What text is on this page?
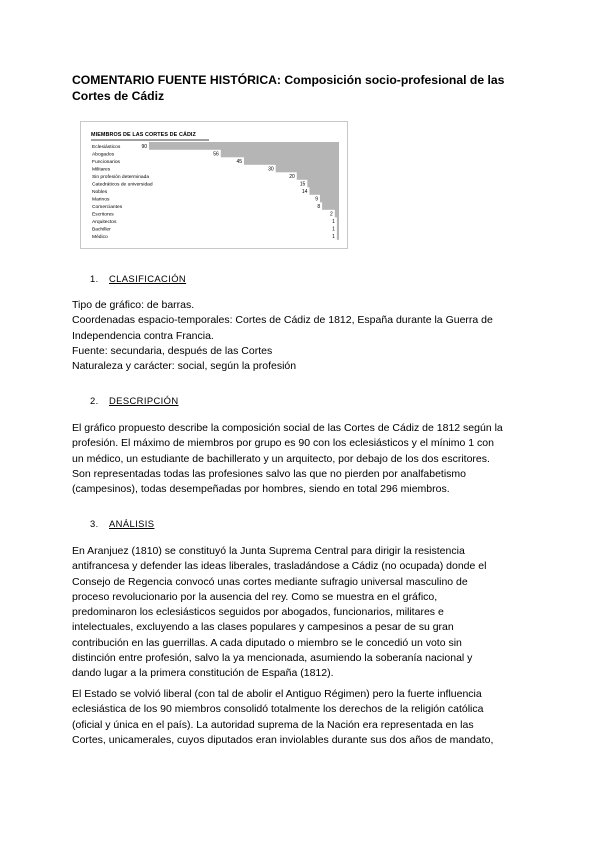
COMENTARIO FUENTE HISTÓRICA: Composición socio-profesional de las
Cortes de Cádiz
Eclesiásticos	90
Abogados	56
Funcionarios	45
Militares	30
Sin profesión determinada	20
Catedráticos de universidad	15
Nobles	14
Marinos	9
Comerciantes	8
Escritores	2
Arquitectos	1
Bachiller	1
Médico	1
MIEMBROS DE LAS CORTES DE CÁDIZ
1. CLASIFICACIÓN
Tipo de gráfico: de barras.
Coordenadas espacio-temporales: Cortes de Cádiz de 1812, España durante la Guerra de
Independencia contra Francia.
Fuente: secundaria, después de las Cortes
Naturaleza y carácter: social, según la profesión
2. DESCRIPCIÓN
El gráfico propuesto describe la composición social de las Cortes de Cádiz de 1812 según la
profesión. El máximo de miembros por grupo es 90 con los eclesiásticos y el mínimo 1 con
un médico, un estudiante de bachillerato y un arquitecto, por debajo de los dos escritores.
Son representadas todas las profesiones salvo las que no pierden por analfabetismo
(campesinos), todas desempeñadas por hombres, siendo en total 296 miembros.
3. ANÁLISIS
En Aranjuez (1810) se constituyó la Junta Suprema Central para dirigir la resistencia
antifrancesa y defender las ideas liberales, trasladándose a Cádiz (no ocupada) donde el
Consejo de Regencia convocó unas cortes mediante sufragio universal masculino de
proceso revolucionario por la ausencia del rey. Como se muestra en el gráfico,
predominaron los eclesiásticos seguidos por abogados, funcionarios, militares e
intelectuales, excluyendo a las clases populares y campesinos a pesar de su gran
contribución en las guerrillas. A cada diputado o miembro se le concedió un voto sin
distinción entre profesión, salvo la ya mencionada, asumiendo la soberanía nacional y
dando lugar a la primera constitución de España (1812).
El Estado se volvió liberal (con tal de abolir el Antiguo Régimen) pero la fuerte influencia
eclesiástica de los 90 miembros consolidó totalmente los derechos de la religión católica
(oficial y única en el país). La autoridad suprema de la Nación era representada en las
Cortes, unicamerales, cuyos diputados eran inviolables durante sus dos años de mandato,
